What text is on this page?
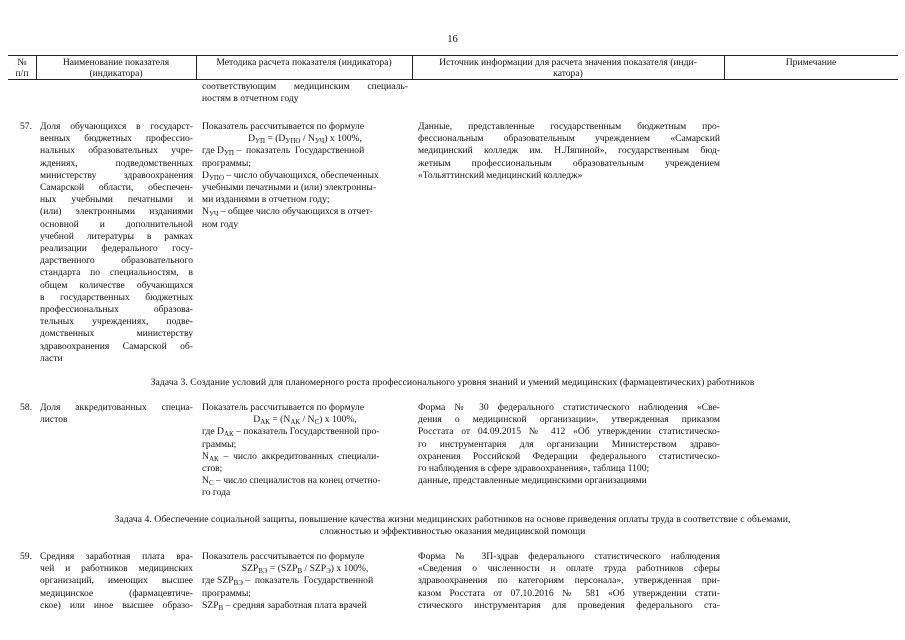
16
№
п/п
Наименование показателя
(индикатора)
Методика расчета показателя (индикатора)	Источник информации для расчета значения показателя (инди-
катора)
Примечание
соответствующим медицинским специаль-
ностям в отчетном году
57. Доля обучающихся в государст-
венных бюджетных профессио-
нальных образовательных учре-
ждениях, подведомственных
министерству здравоохранения
Самарской области, обеспечен-
ных учебными печатными и
(или) электронными изданиями
основной и дополнительной
учебной литературы в рамках
реализации федерального госу-
дарственного образовательного
стандарта по специальностям, в
общем количестве обучающихся
в государственных бюджетных
профессиональных образова-
тельных учреждениях, подве-
домственных министерству
здравоохранения Самарской об-
ласти
Показатель рассчитывается по формуле
$D_{УП} = (D_{УПО} / N_{УЧ})$ x 100%,
где $D_{УП}$ –  показатель  Государственной
программы;
$D_{УПО}$ – число обучающихся, обеспеченных
учебными печатными и (или) электронны-
ми изданиями в отчетном году;
$N_{УЧ}$ – общее число обучающихся в отчет-
ном году
Данные, представленные государственным бюджетным про-
фессиональным образовательным учреждением «Самарский
медицинский колледж им. Н.Ляпиной», государственным бюд-
жетным профессиональным образовательным учреждением
«Тольяттинский медицинский колледж»
Задача 3. Создание условий для планомерного роста профессионального уровня знаний и умений медицинских (фармацевтических) работников
58. Доля аккредитованных специа-
листов
Показатель рассчитывается по формуле
$D_{АК} = (N_{АК} / N_С)$ x 100%,
где $D_{АК}$ – показатель Государственной про-
граммы;
$N_{АК}$  –  число  аккредитованных  специали-
стов;
$N_С$ – число специалистов на конец отчетно-
го года
Форма № 30 федерального статистического наблюдения «Све-
дения о медицинской организации», утвержденная приказом
Росстата от 04.09.2015 № 412 «Об утверждении статистическо-
го инструментария для организации Министерством здраво-
охранения Российской Федерации федерального статистическо-
го наблюдения в сфере здравоохранения», таблица 1100;
данные, представленные медицинскими организациями
Задача 4. Обеспечение социальной защиты, повышение качества жизни медицинских работников на основе приведения оплаты труда в соответствие с объемами,
сложностью и эффективностью оказания медицинской помощи
59. Средняя заработная плата вра-
чей и работников медицинских
организаций, имеющих высшее
медицинское (фармацевтиче-
ское) или иное высшее образо-
Показатель рассчитывается по формуле
$SZP_{ВЭ} = (SZP_В / SZP_Э)$ x 100%,
где $SZP_{ВЭ}$ –  показатель  Государственной
программы;
$SZP_В$ – средняя заработная плата врачей
Форма № ЗП-здрав федерального статистического наблюдения
«Сведения о численности и оплате труда работников сферы
здравоохранения по категориям персонала», утвержденная при-
казом Росстата от 07.10.2016 № 581 «Об утверждении стати-
стического инструментария для проведения федерального ста-
